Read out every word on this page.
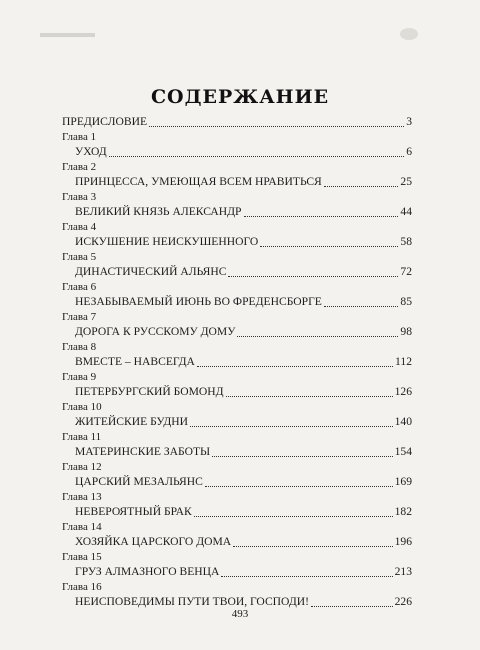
СОДЕРЖАНИЕ
ПРЕДИСЛОВИЕ	3
Глава 1
УХОД	6
Глава 2
ПРИНЦЕССА, УМЕЮЩАЯ ВСЕМ НРАВИТЬСЯ	25
Глава 3
ВЕЛИКИЙ КНЯЗЬ АЛЕКСАНДР	44
Глава 4
ИСКУШЕНИЕ НЕИСКУШЕННОГО	58
Глава 5
ДИНАСТИЧЕСКИЙ АЛЬЯНС	72
Глава 6
НЕЗАБЫВАЕМЫЙ ИЮНЬ ВО ФРЕДЕНСБОРГЕ	85
Глава 7
ДОРОГА К РУССКОМУ ДОМУ	98
Глава 8
ВМЕСТЕ – НАВСЕГДА	112
Глава 9
ПЕТЕРБУРГСКИЙ БОМОНД	126
Глава 10
ЖИТЕЙСКИЕ БУДНИ	140
Глава 11
МАТЕРИНСКИЕ ЗАБОТЫ	154
Глава 12
ЦАРСКИЙ МЕЗАЛЬЯНС	169
Глава 13
НЕВЕРОЯТНЫЙ БРАК	182
Глава 14
ХОЗЯЙКА ЦАРСКОГО ДОМА	196
Глава 15
ГРУЗ АЛМАЗНОГО ВЕНЦА	213
Глава 16
НЕИСПОВЕДИМЫ ПУТИ ТВОИ, ГОСПОДИ!	226
493
